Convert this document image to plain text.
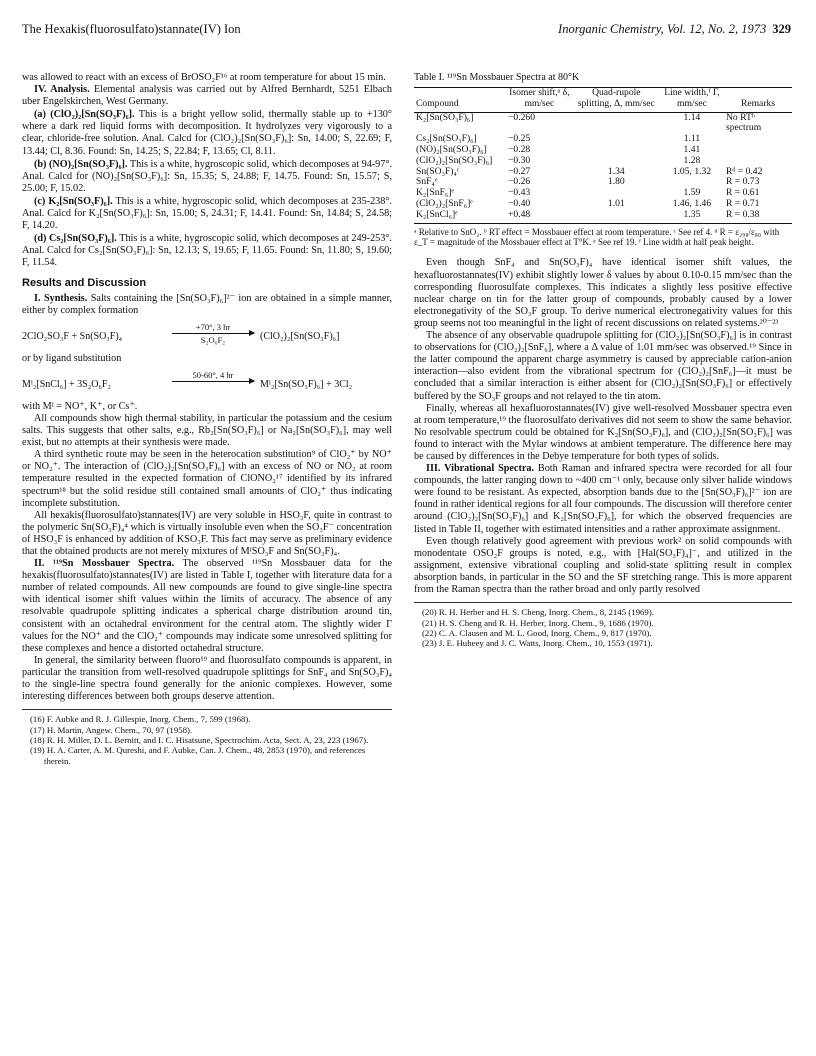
The Hexakis(fluorosulfato)stannate(IV) Ion	Inorganic Chemistry, Vol. 12, No. 2, 1973 329

was allowed to react with an excess of BrOSO₂F¹⁶ at room temperature for about 15 min.

IV. Analysis. Elemental analysis was carried out by Alfred Bernhardt, 5251 Elbach uber Engelskirchen, West Germany.

(a) (ClO₂)₂[Sn(SO₃F)₆]. This is a bright yellow solid, thermally stable up to +130° where a dark red liquid forms with decomposition. It hydrolyzes very vigorously to a clear, chloride-free solution. Anal. Calcd for (ClO₂)₂[Sn(SO₃F)₆]: Sn, 14.00; S, 22.69; F, 13.44; Cl, 8.36. Found: Sn, 14.25; S, 22.84; F, 13.65; Cl, 8.11.

(b) (NO)₂[Sn(SO₃F)₆]. This is a white, hygroscopic solid, which decomposes at 94-97°. Anal. Calcd for (NO)₂[Sn(SO₃F)₆]: Sn, 15.35; S, 24.88; F, 14.75. Found: Sn, 15.57; S, 25.00; F, 15.02.

(c) K₂[Sn(SO₃F)₆]. This is a white, hygroscopic solid, which decomposes at 235-238°. Anal. Calcd for K₂[Sn(SO₃F)₆]: Sn, 15.00; S, 24.31; F, 14.41. Found: Sn, 14.84; S, 24.58; F, 14.20.

(d) Cs₂[Sn(SO₃F)₆]. This is a white, hygroscopic solid, which decomposes at 249-253°. Anal. Calcd for Cs₂[Sn(SO₃F)₆]: Sn, 12.13; S, 19.65; F, 11.65. Found: Sn, 11.80; S, 19.60; F, 11.54.

Results and Discussion

I. Synthesis. Salts containing the [Sn(SO₃F)₆]²⁻ ion are obtained in a simple manner, either by complex formation

2ClO₂SO₃F + Sn(SO₃F)₄
+70°, 3 hr
S₂O₆F₂	(ClO₂)₂[Sn(SO₃F)₆]

or by ligand substitution

Mᴵ₂[SnCl₆] + 3S₂O₆F₂
50-60°, 4 hr
Mᴵ₂[Sn(SO₃F)₆] + 3Cl₂

with Mᴵ = NO⁺, K⁺, or Cs⁺.

All compounds show high thermal stability, in particular the potassium and the cesium salts. This suggests that other salts, e.g., Rb₂[Sn(SO₃F)₆] or Na₂[Sn(SO₃F)₆], may well exist, but no attempts at their synthesis were made.

A third synthetic route may be seen in the heterocation substitution⁹ of ClO₂⁺ by NO⁺ or NO₂⁺. The interaction of (ClO₂)₂[Sn(SO₃F)₆] with an excess of NO or NO₂ at room temperature resulted in the expected formation of ClONO₂¹⁷ identified by its infrared spectrum¹⁸ but the solid residue still contained small amounts of ClO₂⁺ thus indicating incomplete substitution.

All hexakis(fluorosulfato)stannates(IV) are very soluble in HSO₃F, quite in contrast to the polymeric Sn(SO₃F)₄⁴ which is virtually insoluble even when the SO₃F⁻ concentration of HSO₃F is enhanced by addition of KSO₃F. This fact may serve as preliminary evidence that the obtained products are not merely mixtures of MᴵSO₃F and Sn(SO₃F)₄.

II. ¹¹⁹Sn Mossbauer Spectra. The observed ¹¹⁹Sn Mossbauer data for the hexakis(fluorosulfato)stannates(IV) are listed in Table I, together with literature data for a number of related compounds. All new compounds are found to give single-line spectra with identical isomer shift values within the limits of accuracy. The absence of any resolvable quadrupole splitting indicates a spherical charge distribution around tin, consistent with an octahedral environment for the central atom. The slightly wider Γ values for the NO⁺ and the ClO₂⁺ compounds may indicate some unresolved splitting for these complexes and hence a distorted octahedral structure.

In general, the similarity between fluoro¹⁹ and fluorosulfato compounds is apparent, in particular the transition from well-resolved quadrupole splittings for SnF₄ and Sn(SO₃F)₄ to the single-line spectra found generally for the anionic complexes. However, some interesting differences between both groups deserve attention.

(16) F. Aubke and R. J. Gillespie, Inorg. Chem., 7, 599 (1968).
(17) H. Martin, Angew. Chem., 70, 97 (1958).
(18) R. H. Miller, D. L. Bernitt, and I. C. Hisatsune, Spectrochim. Acta, Sect. A, 23, 223 (1967).
(19) H. A. Carter, A. M. Qureshi, and F. Aubke, Can. J. Chem., 48, 2853 (1970), and references therein.
Table I. ¹¹⁹Sn Mossbauer Spectra at 80°K
Compound	Isomer shift,ᵃ δ, mm/sec	Quad-rupole splitting, Δ, mm/sec	Line width,ᶠ Γ, mm/sec	Remarks

K₂[Sn(SO₃F)₆]	−0.260		1.14	No RTᵇ spectrum
Cs₂[Sn(SO₃F)₆]	−0.25		1.11	
(NO)₂[Sn(SO₃F)₆]	−0.28		1.41	
(ClO₂)₂[Sn(SO₃F)₆]	−0.30		1.28	
Sn(SO₃F)₄ᶜ	−0.27	1.34	1.05, 1.32	Rᵈ = 0.42
SnF₄ᵉ	−0.26	1.80		R = 0.73
K₂[SnF₆]ᵉ	−0.43		1.59	R = 0.61
(ClO₂)₂[SnF₆]ᵉ	−0.40	1.01	1.46, 1.46	R = 0.71
K₂[SnCl₆]ᵉ	+0.48		1.35	R = 0.38
ᵃ Relative to SnO₂. ᵇ RT effect = Mossbauer effect at room temperature. ᶜ See ref 4. ᵈ R = ε₂₉₈/ε₈₀ with ε_T = magnitude of the Mossbauer effect at T°K. ᵉ See ref 19. ᶠ Line width at half peak height.

Even though SnF₄ and Sn(SO₃F)₄ have identical isomer shift values, the hexafluorostannates(IV) exhibit slightly lower δ values by about 0.10-0.15 mm/sec than the corresponding fluorosulfate complexes. This indicates a slightly less positive effective nuclear charge on tin for the latter group of compounds, probably caused by a lower electronegativity of the SO₃F group. To derive numerical electronegativity values for this group seems not too meaningful in the light of recent discussions on related systems.²⁰⁻²³

The absence of any observable quadrupole splitting for (ClO₂)₂[Sn(SO₃F)₆] is in contrast to observations for (ClO₂)₂[SnF₆], where a Δ value of 1.01 mm/sec was observed.¹⁹ Since in the latter compound the apparent charge asymmetry is caused by appreciable cation-anion interaction—also evident from the vibrational spectrum for (ClO₂)₂[SnF₆]—it must be concluded that a similar interaction is either absent for (ClO₂)₂[Sn(SO₃F)₆] or effectively buffered by the SO₃F groups and not relayed to the tin atom.

Finally, whereas all hexafluorostannates(IV) give well-resolved Mossbauer spectra even at room temperature,¹⁹ the fluorosulfato derivatives did not seem to show the same behavior. No resolvable spectrum could be obtained for K₂[Sn(SO₃F)₆], and (ClO₂)₂[Sn(SO₃F)₆] was found to interact with the Mylar windows at ambient temperature. The difference here may be caused by differences in the Debye temperature for both types of solids.

III. Vibrational Spectra. Both Raman and infrared spectra were recorded for all four compounds, the latter ranging down to ~400 cm⁻¹ only, because only silver halide windows were found to be resistant. As expected, absorption bands due to the [Sn(SO₃F)₆]²⁻ ion are found in rather identical regions for all four compounds. The discussion will therefore center around (ClO₂)₂[Sn(SO₃F)₆] and K₂[Sn(SO₃F)₆], for which the observed frequencies are listed in Table II, together with estimated intensities and a rather approximate assignment.

Even though relatively good agreement with previous work² on solid compounds with monodentate OSO₂F groups is noted, e.g., with [Hal(SO₃F)₄]⁻, and utilized in the assignment, extensive vibrational coupling and solid-state splitting result in complex absorption bands, in particular in the SO and the SF stretching range. This is more apparent from the Raman spectra than the rather broad and only partly resolved

(20) R. H. Herber and H. S. Cheng, Inorg. Chem., 8, 2145 (1969).
(21) H. S. Cheng and R. H. Herber, Inorg. Chem., 9, 1686 (1970).
(22) C. A. Clausen and M. L. Good, Inorg. Chem., 9, 817 (1970).
(23) J. E. Huheey and J. C. Watts, Inorg. Chem., 10, 1553 (1971).
